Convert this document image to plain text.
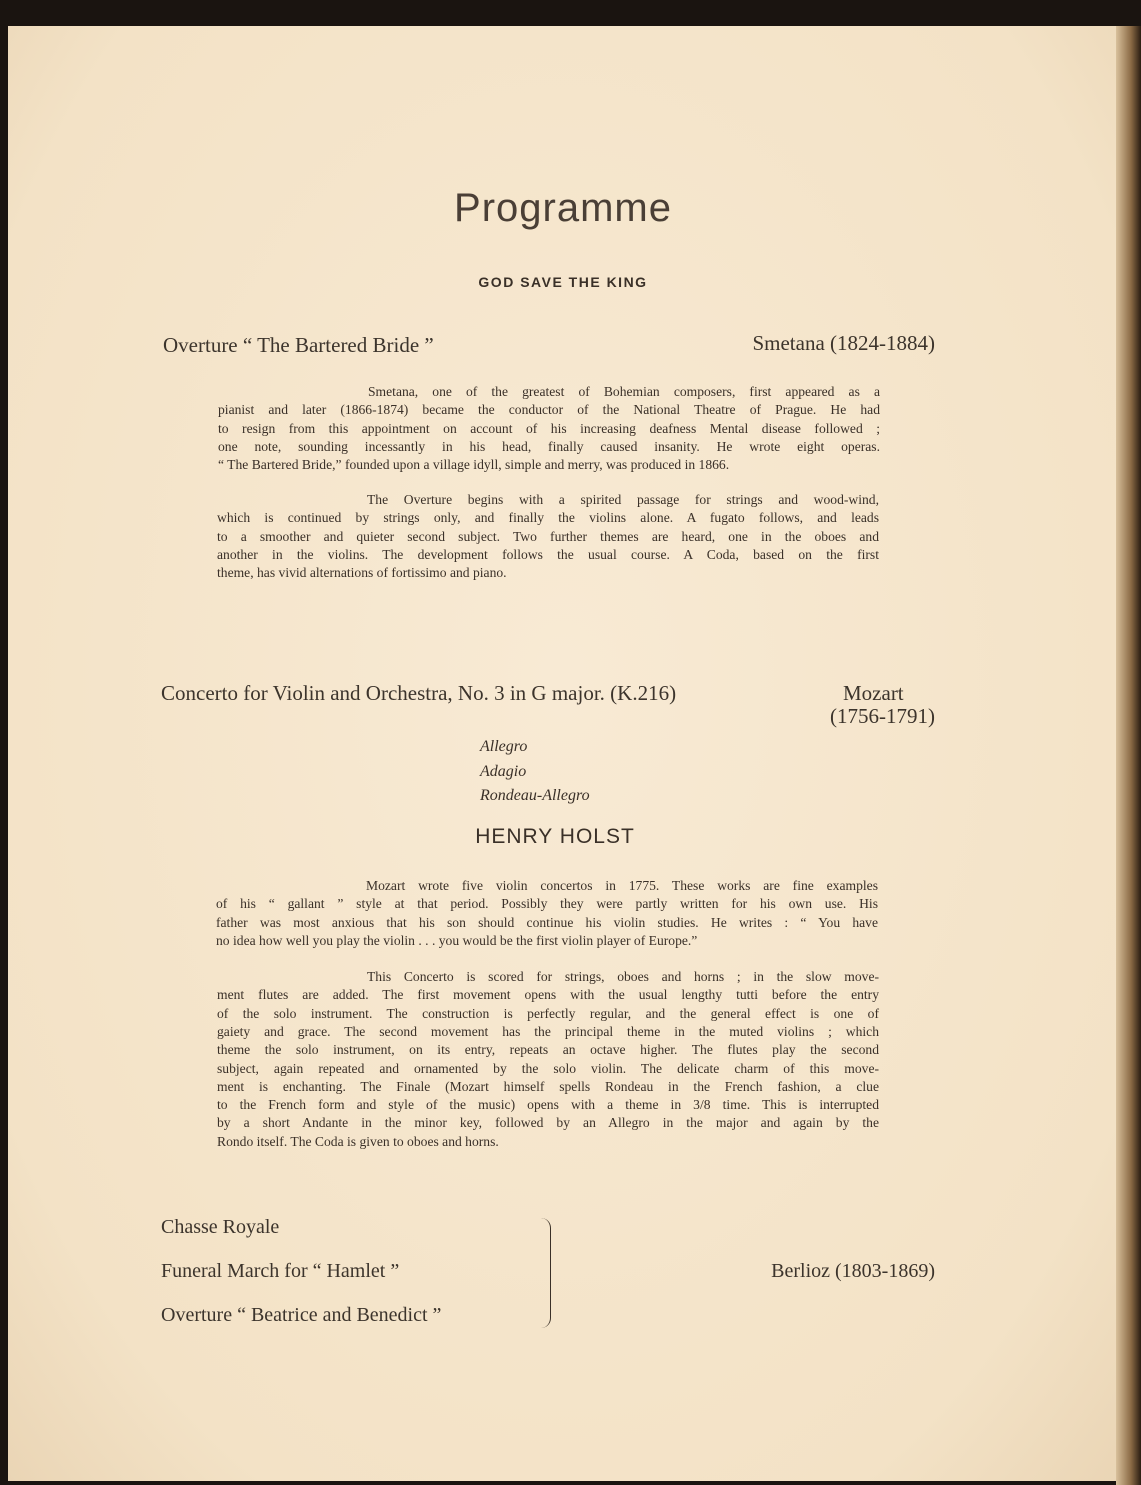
Programme
GOD SAVE THE KING
Overture “ The Bartered Bride ”	Smetana (1824-1884)
Smetana, one of the greatest of Bohemian composers, first appeared as a
pianist and later (1866-1874) became the conductor of the National Theatre of Prague. He had
to resign from this appointment on account of his increasing deafness Mental disease followed ;
one note, sounding incessantly in his head, finally caused insanity. He wrote eight operas.
“ The Bartered Bride,” founded upon a village idyll, simple and merry, was produced in 1866.
The Overture begins with a spirited passage for strings and wood-wind,
which is continued by strings only, and finally the violins alone. A fugato follows, and leads
to a smoother and quieter second subject. Two further themes are heard, one in the oboes and
another in the violins. The development follows the usual course. A Coda, based on the first
theme, has vivid alternations of fortissimo and piano.
Concerto for Violin and Orchestra, No. 3 in G major. (K.216)	Mozart
(1756-1791)
Allegro
Adagio
Rondeau-Allegro
HENRY HOLST
Mozart wrote five violin concertos in 1775. These works are fine examples
of his “ gallant ” style at that period. Possibly they were partly written for his own use. His
father was most anxious that his son should continue his violin studies. He writes : “ You have
no idea how well you play the violin . . . you would be the first violin player of Europe.”
This Concerto is scored for strings, oboes and horns ; in the slow move-
ment flutes are added. The first movement opens with the usual lengthy tutti before the entry
of the solo instrument. The construction is perfectly regular, and the general effect is one of
gaiety and grace. The second movement has the principal theme in the muted violins ; which
theme the solo instrument, on its entry, repeats an octave higher. The flutes play the second
subject, again repeated and ornamented by the solo violin. The delicate charm of this move-
ment is enchanting. The Finale (Mozart himself spells Rondeau in the French fashion, a clue
to the French form and style of the music) opens with a theme in 3/8 time. This is interrupted
by a short Andante in the minor key, followed by an Allegro in the major and again by the
Rondo itself. The Coda is given to oboes and horns.
Chasse Royale
Funeral March for “ Hamlet ”
Overture “ Beatrice and Benedict ”
Berlioz (1803-1869)
